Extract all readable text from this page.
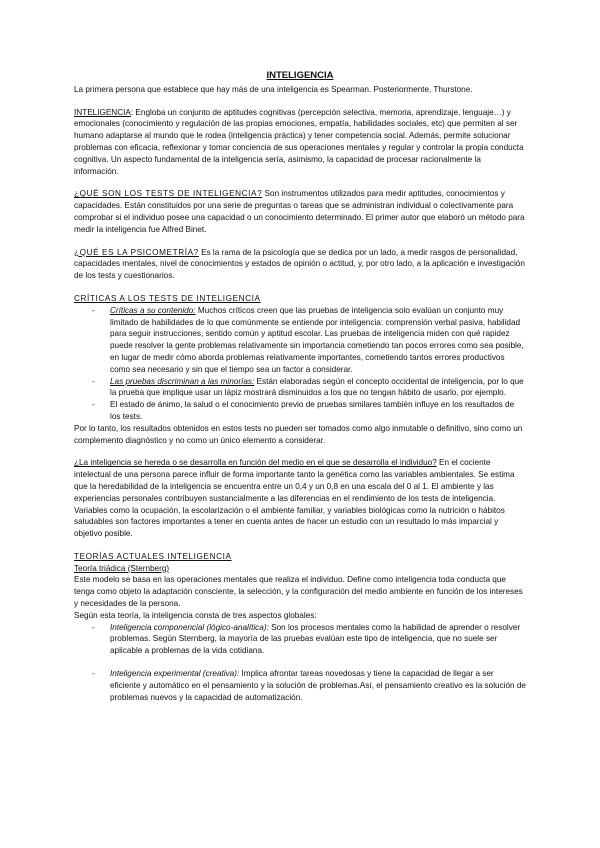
INTELIGENCIA

La primera persona que establece que hay más de una inteligencia es Spearman. Posteriormente, Thurstone.

INTELIGENCIA: Engloba un conjunto de aptitudes cognitivas (percepción selectiva, memoria, aprendizaje, lenguaje…) y emocionales (conocimiento y regulación de las propias emociones, empatía, habilidades sociales, etc) que permiten al ser humano adaptarse al mundo que le rodea (inteligencia práctica) y tener competencia social. Además, permite solucionar problemas con eficacia, reflexionar y tomar conciencia de sus operaciones mentales y regular y controlar la propia conducta cognitiva. Un aspecto fundamental de la inteligencia sería, asimismo, la capacidad de procesar racionalmente la información.

¿QUÉ SON LOS TESTS DE INTELIGENCIA? Son instrumentos utilizados para medir aptitudes, conocimientos y capacidades. Están constituidos por una serie de preguntas o tareas que se administran individual o colectivamente para comprobar si el individuo posee una capacidad o un conocimiento determinado. El primer autor que elaboró un método para medir la inteligencia fue Alfred Binet.

¿QUÉ ES LA PSICOMETRÍA? Es la rama de la psicología que se dedica por un lado, a medir rasgos de personalidad, capacidades mentales, nivel de conocimientos y estados de opinión o actitud, y, por otro lado, a la aplicación e investigación de los tests y cuestionarios.

CRÍTICAS A LOS TESTS DE INTELIGENCIA

- Críticas a su contenido: Muchos críticos creen que las pruebas de inteligencia solo evalúan un conjunto muy limitado de habilidades de lo que comúnmente se entiende por inteligencia: comprensión verbal pasiva, habilidad para seguir instrucciones, sentido común y aptitud escolar. Las pruebas de inteligencia miden con qué rapidez puede resolver la gente problemas relativamente sin importancia cometiendo tan pocos errores como sea posible, en lugar de medir cómo aborda problemas relativamente importantes, cometiendo tantos errores productivos como sea necesario y sin que el tiempo sea un factor a considerar.
- Las pruebas discriminan a las minorías: Están elaboradas según el concepto occidental de inteligencia, por lo que la prueba que implique usar un lápiz mostrará disminuidos a los que no tengan hábito de usarlo, por ejemplo.
- El estado de ánimo, la salud o el conocimiento previo de pruebas similares también influye en los resultados de los tests.

Por lo tanto, los resultados obtenidos en estos tests no pueden ser tomados como algo inmutable o definitivo, sino como un complemento diagnóstico y no como un único elemento a considerar.

¿La inteligencia se hereda o se desarrolla en función del medio en el que se desarrolla el individuo? En el cociente intelectual de una persona parece influir de forma importante tanto la genética como las variables ambientales. Se estima que la heredabilidad de la inteligencia se encuentra entre un 0,4 y un 0,8 en una escala del 0 al 1. El ambiente y las experiencias personales contribuyen sustancialmente a las diferencias en el rendimiento de los tests de inteligencia. Variables como la ocupación, la escolarización o el ambiente familiar, y variables biológicas como la nutrición o hábitos saludables son factores importantes a tener en cuenta antes de hacer un estudio con un resultado lo más imparcial y objetivo posible.

TEORÍAS ACTUALES INTELIGENCIA

Teoría triádica (Sternberg)

Este modelo se basa en las operaciones mentales que realiza el individuo. Define como inteligencia toda conducta que tenga como objeto la adaptación consciente, la selección, y la configuración del medio ambiente en función de los intereses y necesidades de la persona.

Según esta teoría, la inteligencia consta de tres aspectos globales:

- Inteligencia componencial (lógico-analítica): Son los procesos mentales como la habilidad de aprender o resolver problemas. Según Sternberg, la mayoría de las pruebas evalúan este tipo de inteligencia, que no suele ser aplicable a problemas de la vida cotidiana.
- Inteligencia experimental (creativa): Implica afrontar tareas novedosas y tiene la capacidad de llegar a ser eficiente y automático en el pensamiento y la solución de problemas.Así, el pensamiento creativo es la solución de problemas nuevos y la capacidad de automatización.
